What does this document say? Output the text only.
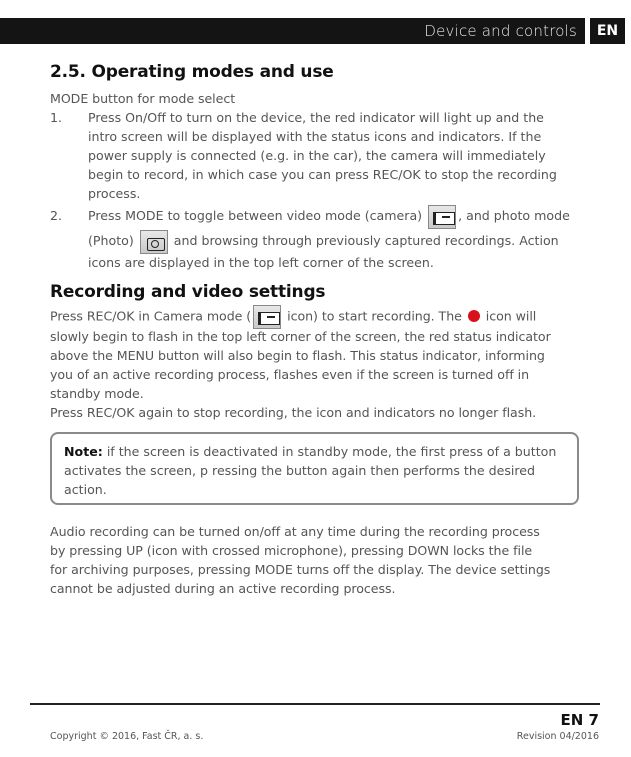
Device and controls	EN
2.5. Operating modes and use
MODE button for mode select
1. Press On/Off to turn on the device, the red indicator will light up and the
intro screen will be displayed with the status icons and indicators. If the
power supply is connected (e.g. in the car), the camera will immediately
begin to record, in which case you can press REC/OK to stop the recording
process.
2. Press MODE to toggle between video mode (camera)	, and photo mode
(Photo)	and browsing through previously captured recordings. Action
icons are displayed in the top left corner of the screen.
Recording and video settings
Press REC/OK in Camera mode (	icon) to start recording. The icon will
slowly begin to flash in the top left corner of the screen, the red status indicator
above the MENU button will also begin to flash. This status indicator, informing
you of an active recording process, flashes even if the screen is turned off in
standby mode.
Press REC/OK again to stop recording, the icon and indicators no longer flash.
Note: if the screen is deactivated in standby mode, the first press of a button
activates the screen, p ressing the button again then performs the desired
action.
Audio recording can be turned on/off at any time during the recording process
by pressing UP (icon with crossed microphone), pressing DOWN locks the file
for archiving purposes, pressing MODE turns off the display. The device settings
cannot be adjusted during an active recording process.
EN 7
Copyright © 2016, Fast ČR, a. s.	Revision 04/2016
